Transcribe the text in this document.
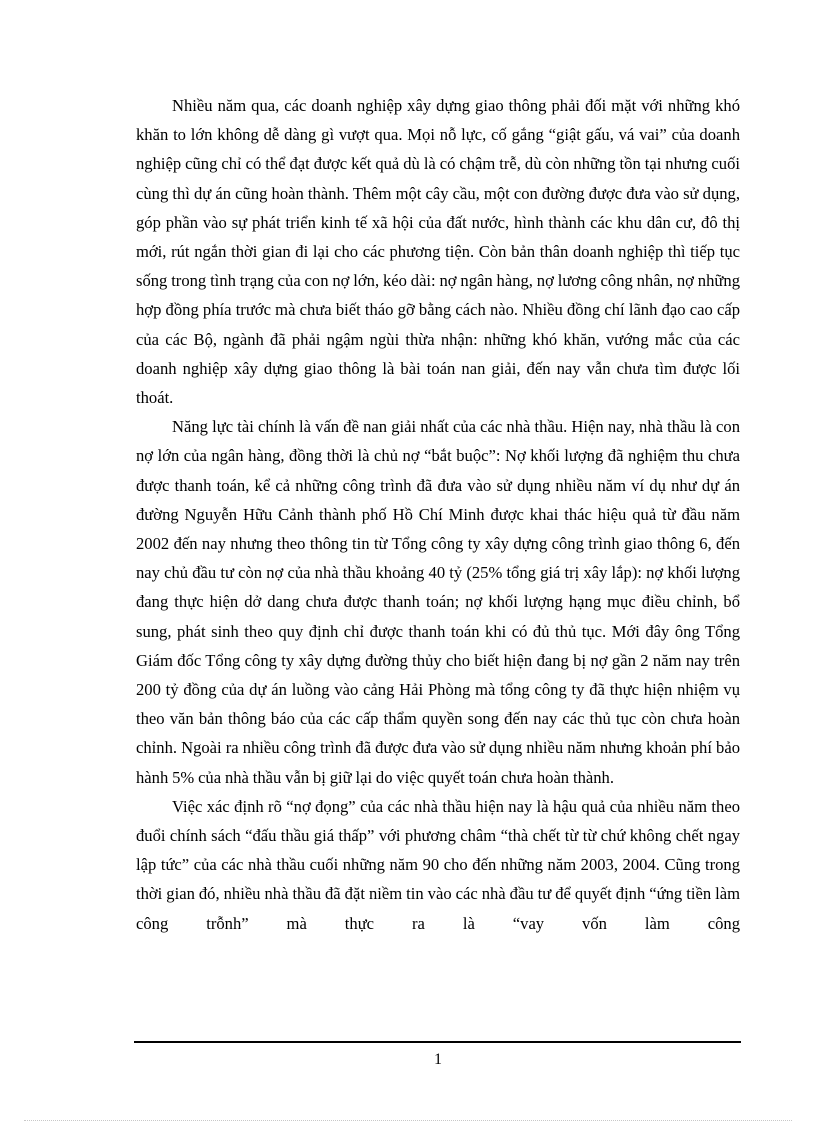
Nhiều năm qua, các doanh nghiệp xây dựng giao thông phải đối mặt với những khó khăn to lớn không dễ dàng gì vượt qua. Mọi nỗ lực, cố gắng “giật gấu, vá vai” của doanh nghiệp cũng chỉ có thể đạt được kết quả dù là có chậm trễ, dù còn những tồn tại nhưng cuối cùng thì dự án cũng hoàn thành. Thêm một cây cầu, một con đường được đưa vào sử dụng, góp phần vào sự phát triển kinh tế xã hội của đất nước, hình thành các khu dân cư, đô thị mới, rút ngắn thời gian đi lại cho các phương tiện. Còn bản thân doanh nghiệp thì tiếp tục sống trong tình trạng của con nợ lớn, kéo dài: nợ ngân hàng, nợ lương công nhân, nợ những hợp đồng phía trước mà chưa biết tháo gỡ bằng cách nào. Nhiều đồng chí lãnh đạo cao cấp của các Bộ, ngành đã phải ngậm ngùi thừa nhận: những khó khăn, vướng mắc của các doanh nghiệp xây dựng giao thông là bài toán nan giải, đến nay vẫn chưa tìm được lối thoát.

Năng lực tài chính là vấn đề nan giải nhất của các nhà thầu. Hiện nay, nhà thầu là con nợ lớn của ngân hàng, đồng thời là chủ nợ “bắt buộc”: Nợ khối lượng đã nghiệm thu chưa được thanh toán, kể cả những công trình đã đưa vào sử dụng nhiều năm ví dụ như dự án đường Nguyễn Hữu Cảnh thành phố Hồ Chí Minh được khai thác hiệu quả từ đầu năm 2002 đến nay nhưng theo thông tin từ Tổng công ty xây dựng công trình giao thông 6, đến nay chủ đầu tư còn nợ của nhà thầu khoảng 40 tỷ (25% tổng giá trị xây lắp): nợ khối lượng đang thực hiện dở dang chưa được thanh toán; nợ khối lượng hạng mục điều chỉnh, bổ sung, phát sinh theo quy định chỉ được thanh toán khi có đủ thủ tục. Mới đây ông Tổng Giám đốc Tổng công ty xây dựng đường thủy cho biết hiện đang bị nợ gần 2 năm nay trên 200 tỷ đồng của dự án luồng vào cảng Hải Phòng mà tổng công ty đã thực hiện nhiệm vụ theo văn bản thông báo của các cấp thẩm quyền song đến nay các thủ tục còn chưa hoàn chỉnh. Ngoài ra nhiều công trình đã được đưa vào sử dụng nhiều năm nhưng khoản phí bảo hành 5% của nhà thầu vẫn bị giữ lại do việc quyết toán chưa hoàn thành.

Việc xác định rõ “nợ đọng” của các nhà thầu hiện nay là hậu quả của nhiều năm theo đuổi chính sách “đấu thầu giá thấp” với phương châm “thà chết từ từ chứ không chết ngay lập tức” của các nhà thầu cuối những năm 90 cho đến những năm 2003, 2004. Cũng trong thời gian đó, nhiều nhà thầu đã đặt niềm tin vào các nhà đầu tư để quyết định “ứng tiền làm công trỗnh” mà thực ra là “vay vốn làm công

1
